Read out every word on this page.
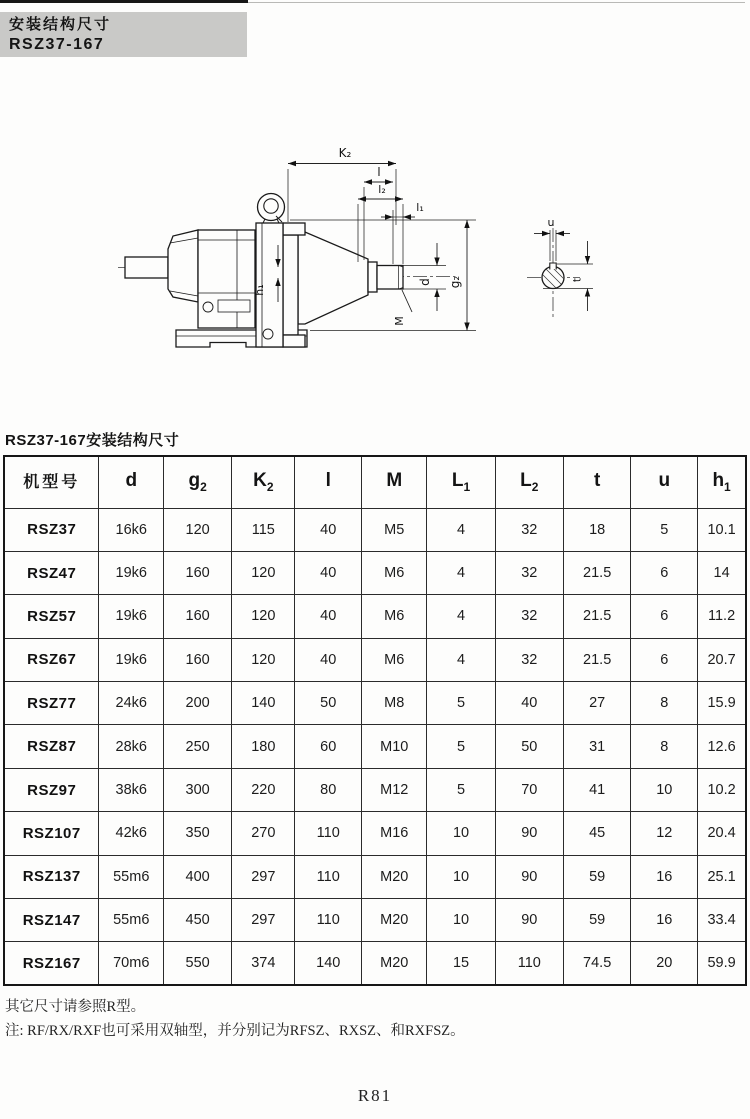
安装结构尺寸
RSZ37-167
K₂
l
l₂
l₁
h₁
d
M
g₂
u
t
RSZ37-167安装结构尺寸
机型号	d	$g_2$	$K_2$	l	M	$L_1$	$L_2$	t	u	$h_1$
RSZ37	16k6	120	115	40	M5	4	32	18	5	10.1
RSZ47	19k6	160	120	40	M6	4	32	21.5	6	14
RSZ57	19k6	160	120	40	M6	4	32	21.5	6	11.2
RSZ67	19k6	160	120	40	M6	4	32	21.5	6	20.7
RSZ77	24k6	200	140	50	M8	5	40	27	8	15.9
RSZ87	28k6	250	180	60	M10	5	50	31	8	12.6
RSZ97	38k6	300	220	80	M12	5	70	41	10	10.2
RSZ107	42k6	350	270	110	M16	10	90	45	12	20.4
RSZ137	55m6	400	297	110	M20	10	90	59	16	25.1
RSZ147	55m6	450	297	110	M20	10	90	59	16	33.4
RSZ167	70m6	550	374	140	M20	15	110	74.5	20	59.9
其它尺寸请参照R型。
注: RF/RX/RXF也可采用双轴型，并分别记为RFSZ、RXSZ、和RXFSZ。
R81
